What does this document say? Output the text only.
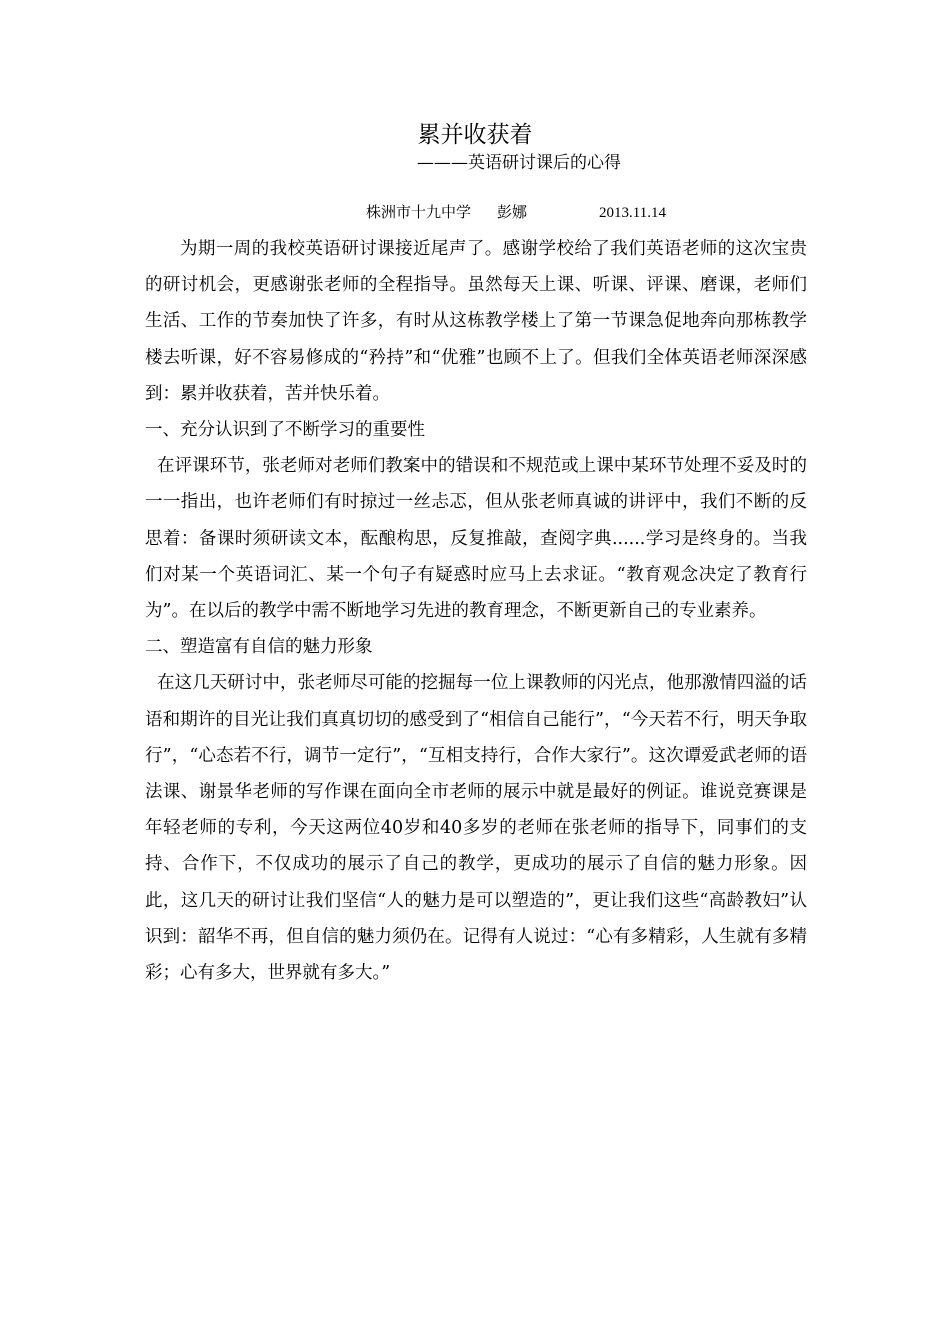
累并收获着
———英语研讨课后的心得
株洲市十九中学 彭娜	2013.11.14

为期一周的我校英语研讨课接近尾声了。感谢学校给了我们英语老师的这次宝贵的研讨机会，更感谢张老师的全程指导。虽然每天上课、听课、评课、磨课，老师们生活、工作的节奏加快了许多，有时从这栋教学楼上了第一节课急促地奔向那栋教学楼去听课，好不容易修成的“矜持”和“优雅”也顾不上了。但我们全体英语老师深深感到：累并收获着，苦并快乐着。

一、充分认识到了不断学习的重要性

在评课环节，张老师对老师们教案中的错误和不规范或上课中某环节处理不妥及时的一一指出，也许老师们有时掠过一丝忐忑，但从张老师真诚的讲评中，我们不断的反思着：备课时须研读文本，酝酿构思，反复推敲，查阅字典......学习是终身的。当我们对某一个英语词汇、某一个句子有疑惑时应马上去求证。“教育观念决定了教育行为”。在以后的教学中需不断地学习先进的教育理念，不断更新自己的专业素养。

二、塑造富有自信的魅力形象

在这几天研讨中，张老师尽可能的挖掘每一位上课教师的闪光点，他那激情四溢的话语和期许的目光让我们真真切切的感受到了“相信自己能行”，“今天若不行，明天争取行”，“心态若不行，调节一定行”，“互相支持行，合作大家行”。这次谭爱武老师的语法课、谢景华老师的写作课在面向全市老师的展示中就是最好的例证。谁说竞赛课是年轻老师的专利，今天这两位40岁和40多岁的老师在张老师的指导下，同事们的支持、合作下，不仅成功的展示了自己的教学，更成功的展示了自信的魅力形象。因此，这几天的研讨让我们坚信“人的魅力是可以塑造的”，更让我们这些“高龄教妇”认识到：韶华不再，但自信的魅力须仍在。记得有人说过：“心有多精彩，人生就有多精彩；心有多大，世界就有多大。”
